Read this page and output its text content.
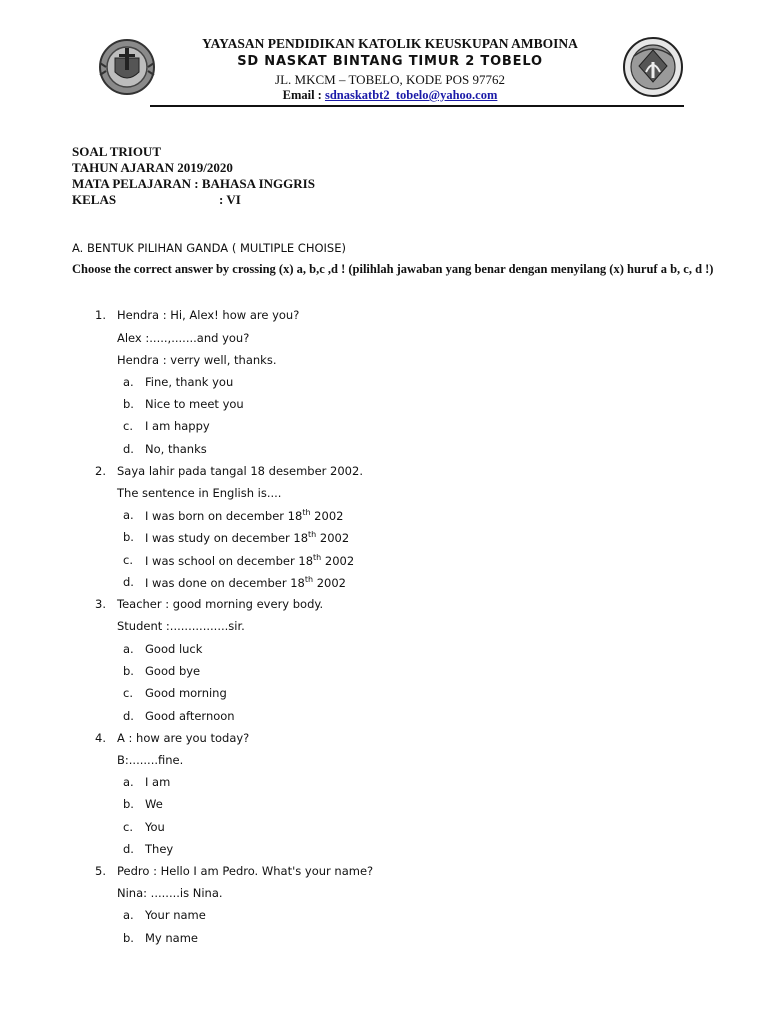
YAYASAN PENDIDIKAN KATOLIK KEUSKUPAN AMBOINA
SD NASKAT BINTANG TIMUR 2 TOBELO
JL. MKCM – TOBELO, KODE POS 97762
Email : sdnaskatbt2_tobelo@yahoo.com
SOAL TRIOUT
TAHUN AJARAN 2019/2020
MATA PELAJARAN : BAHASA INGGRIS
KELAS	: VI
A. BENTUK PILIHAN GANDA ( MULTIPLE CHOISE)
Choose the correct answer by crossing (x) a, b,c ,d ! (pilihlah jawaban yang benar dengan menyilang (x) huruf a b, c, d !)
1. Hendra : Hi, Alex! how are you?
Alex :.....,.......and you?
Hendra : verry well, thanks.
a. Fine, thank you
b. Nice to meet you
c. I am happy
d. No, thanks
2. Saya lahir pada tangal 18 desember 2002.
The sentence in English is....
a. I was born on december 18th 2002
b. I was study on december 18th 2002
c. I was school on december 18th 2002
d. I was done on december 18th 2002
3. Teacher : good morning every body.
Student :................sir.
a. Good luck
b. Good bye
c. Good morning
d. Good afternoon
4. A : how are you today?
B:........fine.
a. I am
b. We
c. You
d. They
5. Pedro : Hello I am Pedro. What's your name?
Nina: ........is Nina.
a. Your name
b. My name
